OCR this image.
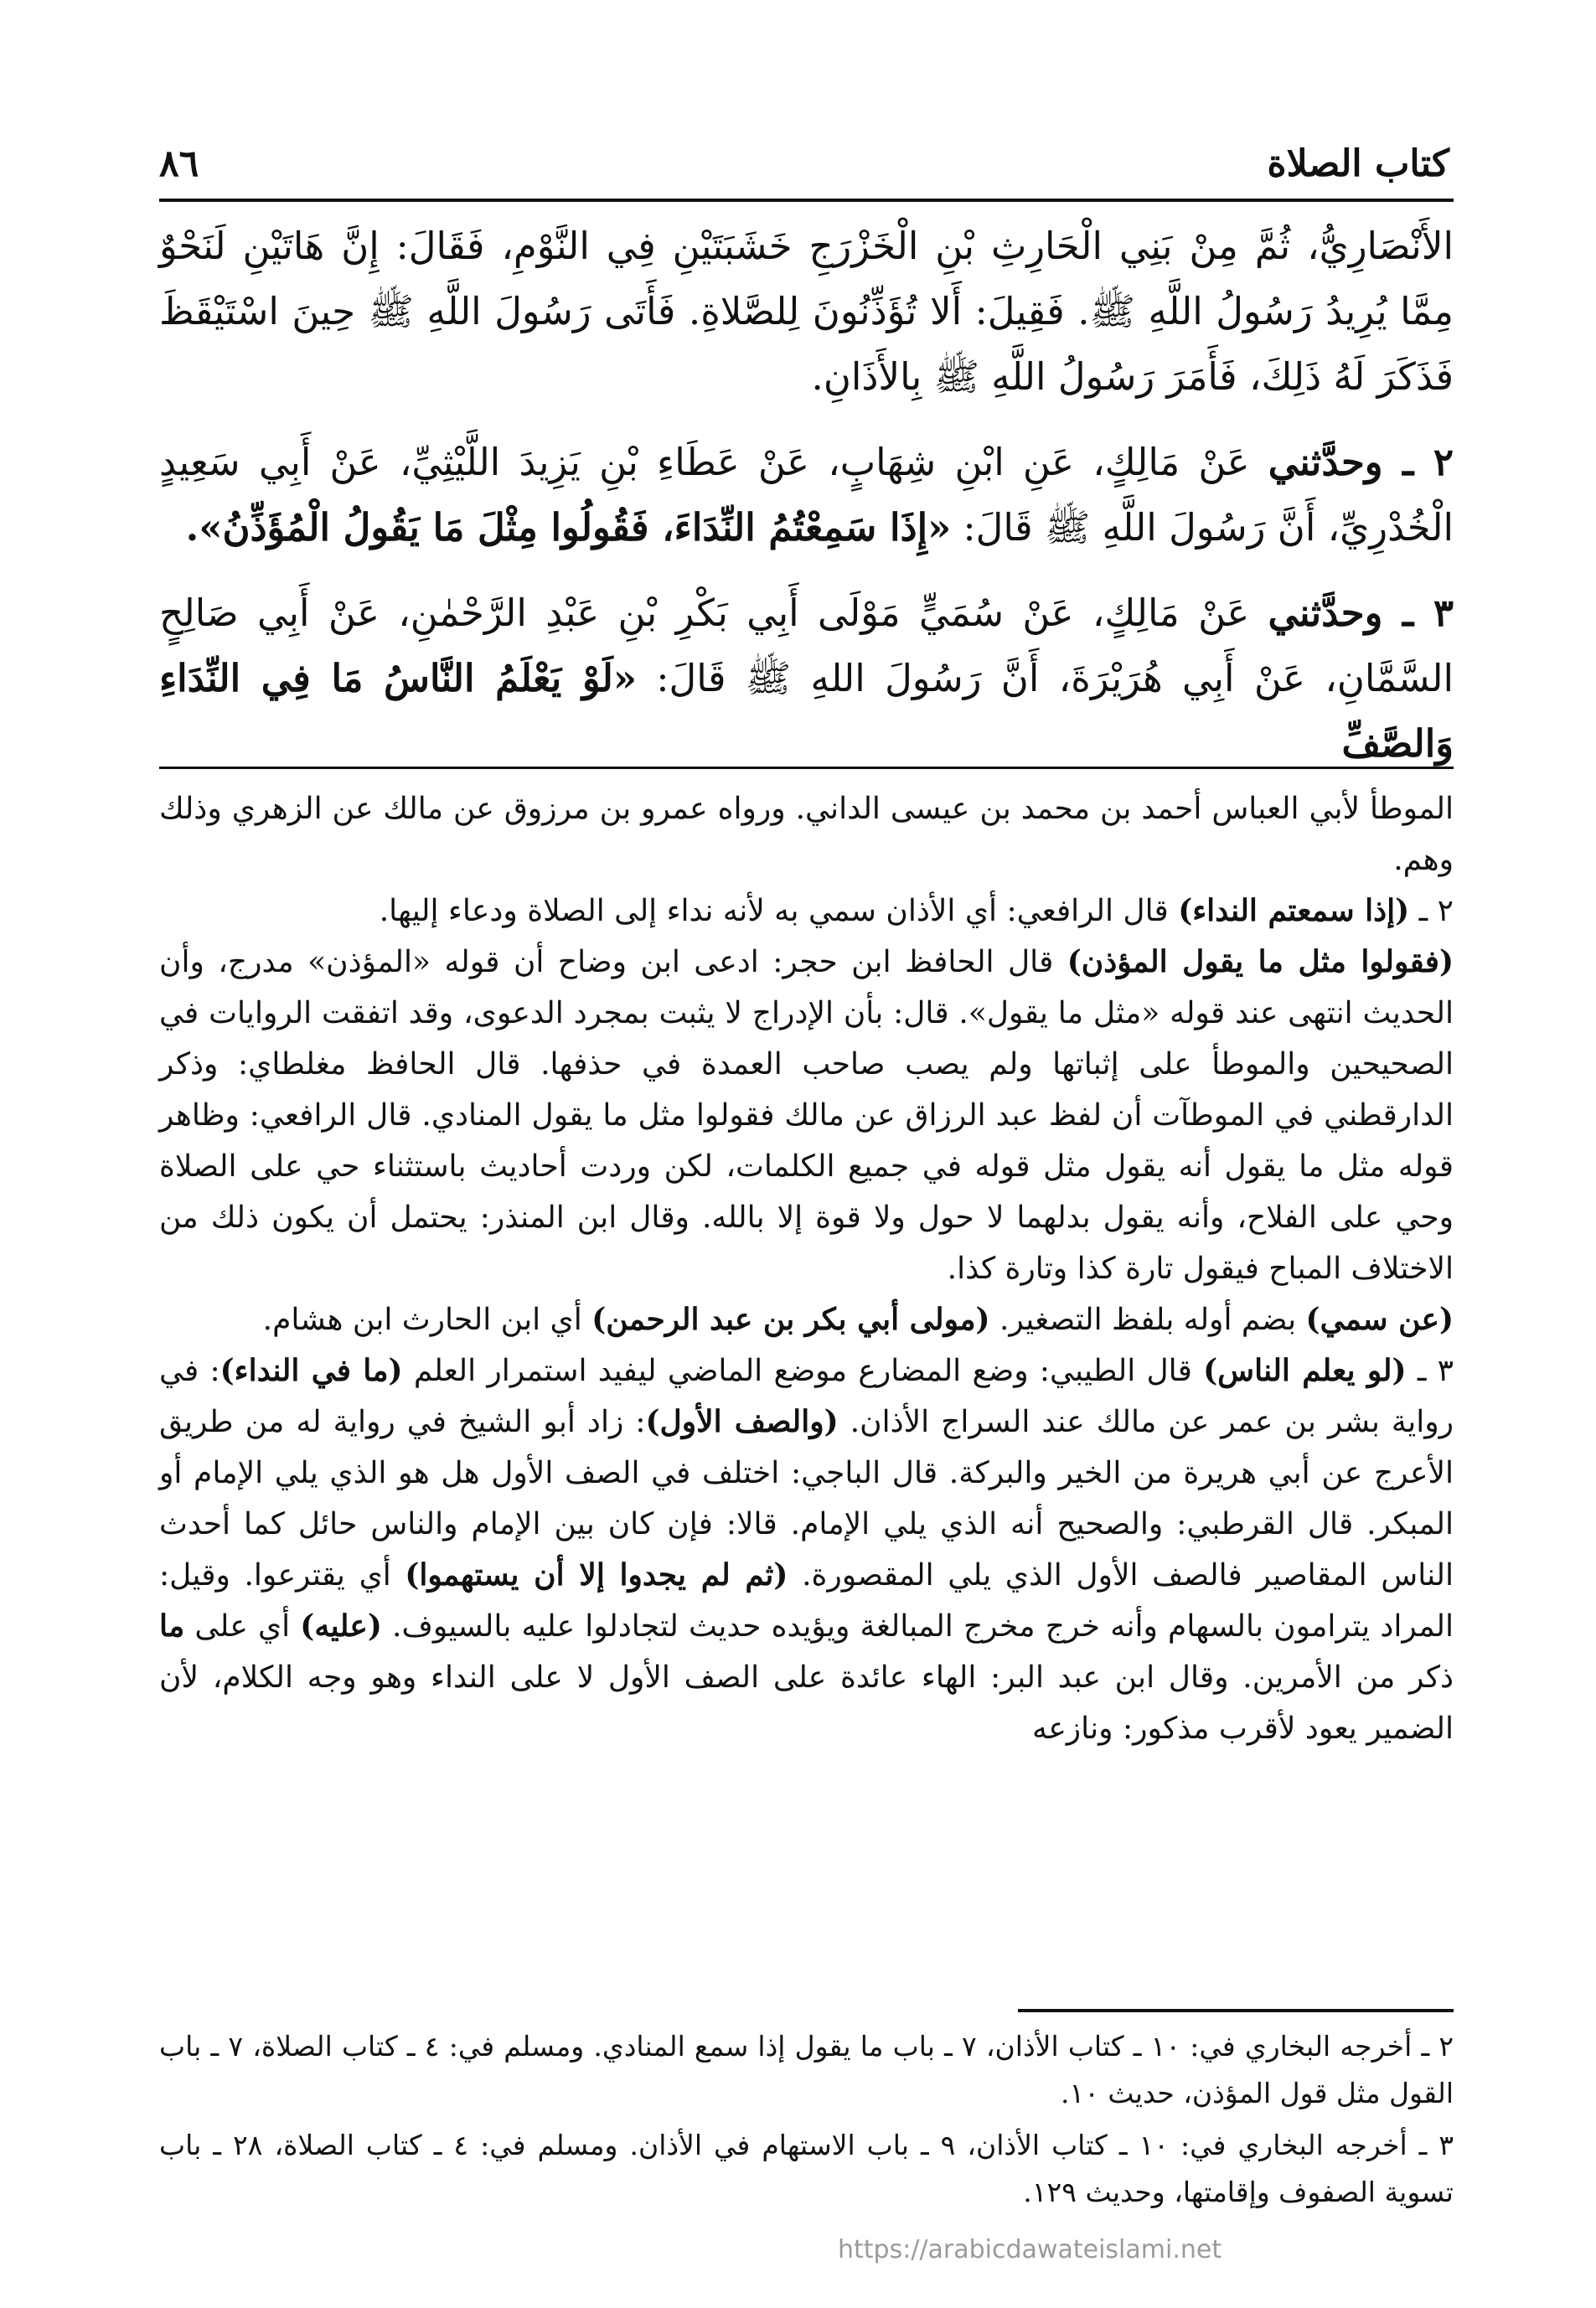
كتاب الصلاة
٨٦

الأَنْصَارِيُّ، ثُمَّ مِنْ بَنِي الْحَارِثِ بْنِ الْخَزْرَجِ خَشَبَتَيْنِ فِي النَّوْمِ، فَقَالَ: إِنَّ هَاتَيْنِ لَنَحْوٌ مِمَّا يُرِيدُ رَسُولُ اللَّهِ ﷺ. فَقِيلَ: أَلا تُؤَذِّنُونَ لِلصَّلاةِ. فَأَتَى رَسُولَ اللَّهِ ﷺ حِينَ اسْتَيْقَظَ فَذَكَرَ لَهُ ذَلِكَ، فَأَمَرَ رَسُولُ اللَّهِ ﷺ بِالأَذَانِ.

٢ ـ وحدَّثني عَنْ مَالِكٍ، عَنِ ابْنِ شِهَابٍ، عَنْ عَطَاءِ بْنِ يَزِيدَ اللَّيْثِيِّ، عَنْ أَبِي سَعِيدٍ الْخُدْرِيِّ، أَنَّ رَسُولَ اللَّهِ ﷺ قَالَ: «إِذَا سَمِعْتُمُ النِّدَاءَ، فَقُولُوا مِثْلَ مَا يَقُولُ الْمُؤَذِّنُ».

٣ ـ وحدَّثني عَنْ مَالِكٍ، عَنْ سُمَيٍّ مَوْلَى أَبِي بَكْرِ بْنِ عَبْدِ الرَّحْمٰنِ، عَنْ أَبِي صَالِحٍ السَّمَّانِ، عَنْ أَبِي هُرَيْرَةَ، أَنَّ رَسُولَ اللهِ ﷺ قَالَ: «لَوْ يَعْلَمُ النَّاسُ مَا فِي النِّدَاءِ وَالصَّفِّ

الموطأ لأبي العباس أحمد بن محمد بن عيسى الداني. ورواه عمرو بن مرزوق عن مالك عن الزهري وذلك وهم.

٢ ـ (إذا سمعتم النداء) قال الرافعي: أي الأذان سمي به لأنه نداء إلى الصلاة ودعاء إليها.

(فقولوا مثل ما يقول المؤذن) قال الحافظ ابن حجر: ادعى ابن وضاح أن قوله «المؤذن» مدرج، وأن الحديث انتهى عند قوله «مثل ما يقول». قال: بأن الإدراج لا يثبت بمجرد الدعوى، وقد اتفقت الروايات في الصحيحين والموطأ على إثباتها ولم يصب صاحب العمدة في حذفها. قال الحافظ مغلطاي: وذكر الدارقطني في الموطآت أن لفظ عبد الرزاق عن مالك فقولوا مثل ما يقول المنادي. قال الرافعي: وظاهر قوله مثل ما يقول أنه يقول مثل قوله في جميع الكلمات، لكن وردت أحاديث باستثناء حي على الصلاة وحي على الفلاح، وأنه يقول بدلهما لا حول ولا قوة إلا بالله. وقال ابن المنذر: يحتمل أن يكون ذلك من الاختلاف المباح فيقول تارة كذا وتارة كذا.

(عن سمي) بضم أوله بلفظ التصغير. (مولى أبي بكر بن عبد الرحمن) أي ابن الحارث ابن هشام.

٣ ـ (لو يعلم الناس) قال الطيبي: وضع المضارع موضع الماضي ليفيد استمرار العلم (ما في النداء): في رواية بشر بن عمر عن مالك عند السراج الأذان. (والصف الأول): زاد أبو الشيخ في رواية له من طريق الأعرج عن أبي هريرة من الخير والبركة. قال الباجي: اختلف في الصف الأول هل هو الذي يلي الإمام أو المبكر. قال القرطبي: والصحيح أنه الذي يلي الإمام. قالا: فإن كان بين الإمام والناس حائل كما أحدث الناس المقاصير فالصف الأول الذي يلي المقصورة. (ثم لم يجدوا إلا أن يستهموا) أي يقترعوا. وقيل: المراد يترامون بالسهام وأنه خرج مخرج المبالغة ويؤيده حديث لتجادلوا عليه بالسيوف. (عليه) أي على ما ذكر من الأمرين. وقال ابن عبد البر: الهاء عائدة على الصف الأول لا على النداء وهو وجه الكلام، لأن الضمير يعود لأقرب مذكور: ونازعه

٢ ـ أخرجه البخاري في: ١٠ ـ كتاب الأذان، ٧ ـ باب ما يقول إذا سمع المنادي. ومسلم في: ٤ ـ كتاب الصلاة، ٧ ـ باب القول مثل قول المؤذن، حديث ١٠.

٣ ـ أخرجه البخاري في: ١٠ ـ كتاب الأذان، ٩ ـ باب الاستهام في الأذان. ومسلم في: ٤ ـ كتاب الصلاة، ٢٨ ـ باب تسوية الصفوف وإقامتها، وحديث ١٢٩.

https://arabicdawateislami.net
